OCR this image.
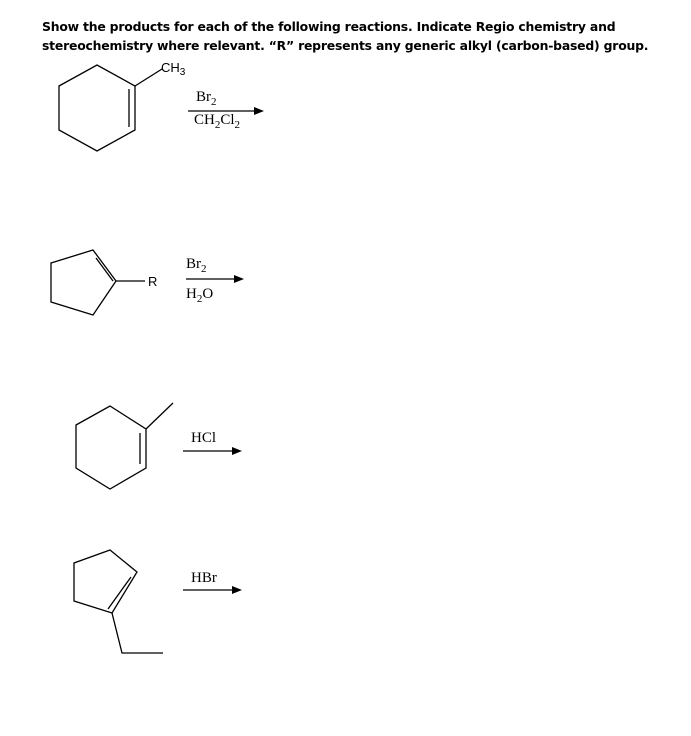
Show the products for each of the following reactions. Indicate Regio chemistry and stereochemistry where relevant. “R” represents any generic alkyl (carbon-based) group.
$CH_3$
$Br_2$
$CH_2Cl_2$
R
$Br_2$
$H_2O$
HCl
HBr
